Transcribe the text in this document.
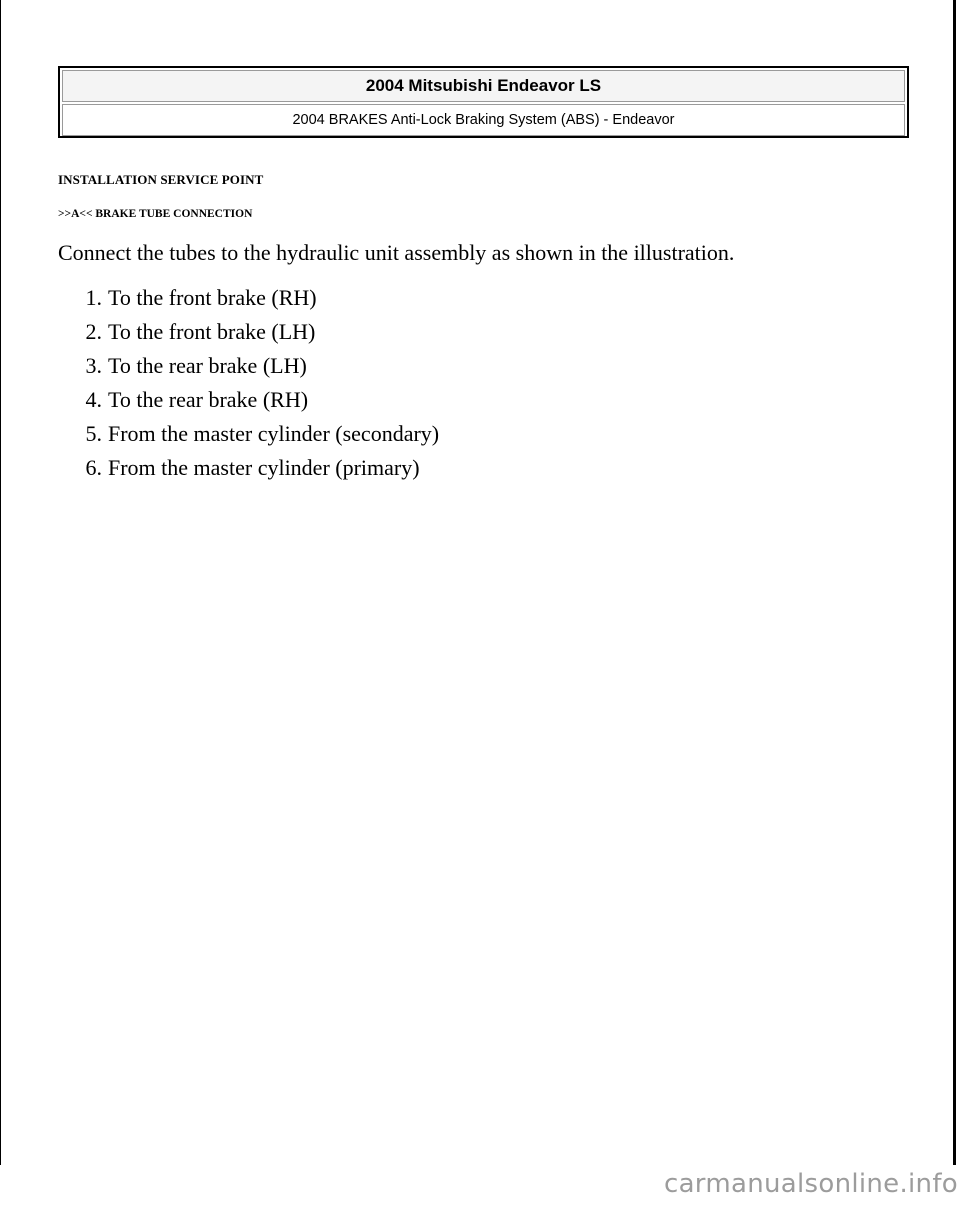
2004 Mitsubishi Endeavor LS
2004 BRAKES Anti-Lock Braking System (ABS) - Endeavor
INSTALLATION SERVICE POINT
>>A<< BRAKE TUBE CONNECTION
Connect the tubes to the hydraulic unit assembly as shown in the illustration.
1. To the front brake (RH)
2. To the front brake (LH)
3. To the rear brake (LH)
4. To the rear brake (RH)
5. From the master cylinder (secondary)
6. From the master cylinder (primary)
carmanualsonline.info
